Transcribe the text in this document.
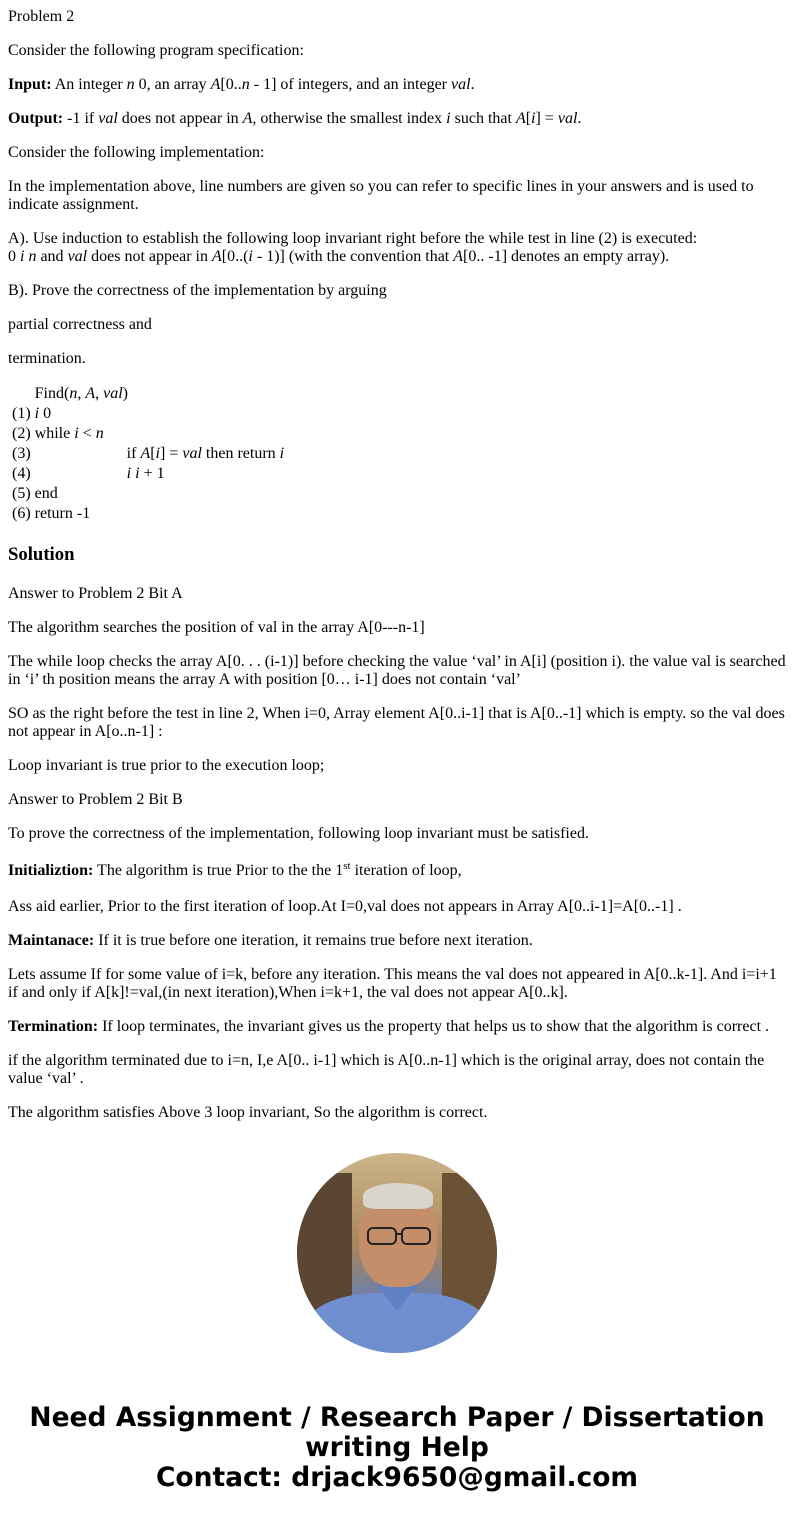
Problem 2

Consider the following program specification:

Input: An integer n 0, an array A[0..n - 1] of integers, and an integer val.

Output: -1 if val does not appear in A, otherwise the smallest index i such that A[i] = val.

Consider the following implementation:

In the implementation above, line numbers are given so you can refer to specific lines in your answers and is used to indicate assignment.

A). Use induction to establish the following loop invariant right before the while test in line (2) is executed:
0 i n and val does not appear in A[0..(i - 1)] (with the convention that A[0.. -1] denotes an empty array).

B). Prove the correctness of the implementation by arguing

partial correctness and

termination.

	Find(n, A, val)
(1)	i 0
(2)	while i < n
(3)	if A[i] = val then return i
(4)	i i + 1
(5)	end
(6)	return -1
Solution

Answer to Problem 2 Bit A

The algorithm searches the position of val in the array A[0---n-1]

The while loop checks the array A[0. . . (i-1)] before checking the value ‘val’ in A[i] (position i). the value val is searched in ‘i’ th position means the array A with position [0… i-1] does not contain ‘val’

SO as the right before the test in line 2, When i=0, Array element A[0..i-1] that is A[0..-1] which is empty. so the val does not appear in A[o..n-1] :

Loop invariant is true prior to the execution loop;

Answer to Problem 2 Bit B

To prove the correctness of the implementation, following loop invariant must be satisfied.

Initializtion: The algorithm is true Prior to the the 1st iteration of loop,

Ass aid earlier, Prior to the first iteration of loop.At I=0,val does not appears in Array A[0..i-1]=A[0..-1] .

Maintanace: If it is true before one iteration, it remains true before next iteration.

Lets assume If for some value of i=k, before any iteration. This means the val does not appeared in A[0..k-1]. And i=i+1 if and only if A[k]!=val,(in next iteration),When i=k+1, the val does not appear A[0..k].

Termination: If loop terminates, the invariant gives us the property that helps us to show that the algorithm is correct .

if the algorithm terminated due to i=n, I,e A[0.. i-1] which is A[0..n-1] which is the original array, does not contain the value ‘val’ .

The algorithm satisfies Above 3 loop invariant, So the algorithm is correct.

Need Assignment / Research Paper / Dissertation
writing Help
Contact: drjack9650@gmail.com
